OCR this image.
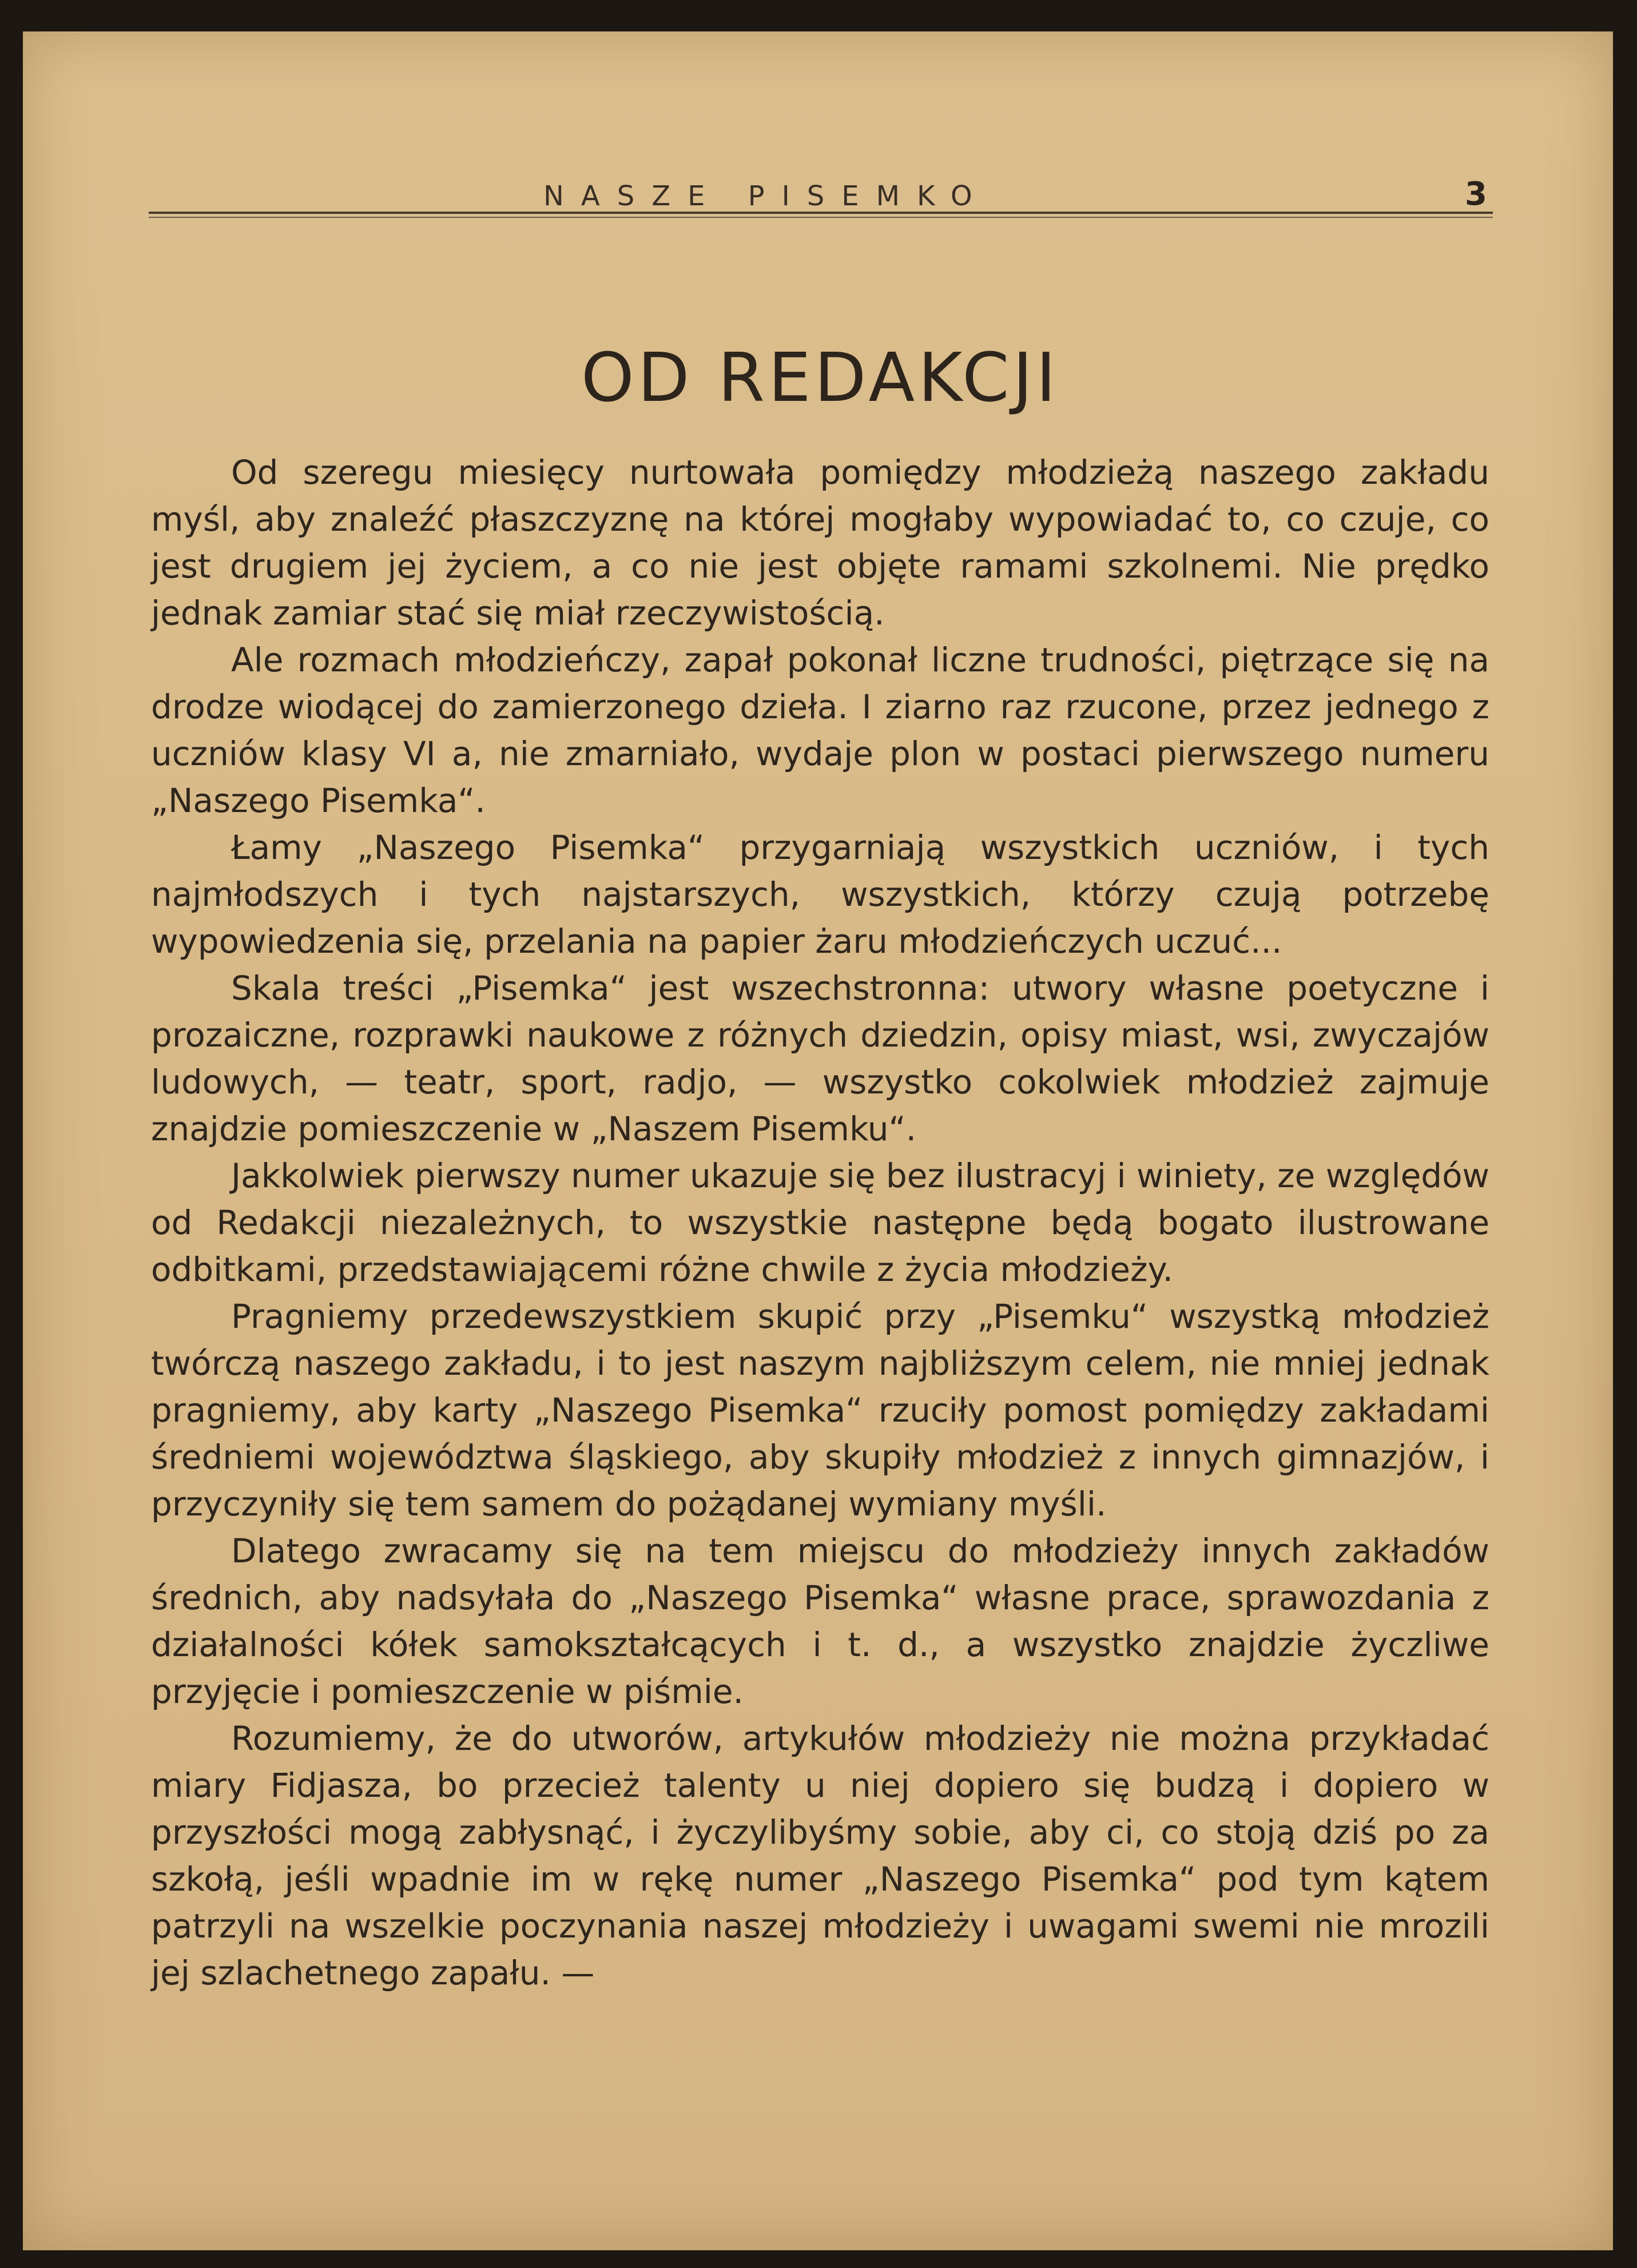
NASZE PISEMKO	3
OD REDAKCJI

Od szeregu miesięcy nurtowała pomiędzy młodzieżą naszego zakładu myśl, aby znaleźć płaszczyznę na której mogłaby wypowiadać to, co czuje, co jest drugiem jej życiem, a co nie jest objęte ramami szkolnemi. Nie prędko jednak zamiar stać się miał rzeczywistością.

Ale rozmach młodzieńczy, zapał pokonał liczne trudności, piętrzące się na drodze wiodącej do zamierzonego dzieła. I ziarno raz rzucone, przez jednego z uczniów klasy VI a, nie zmarniało, wydaje plon w postaci pierwszego numeru „Naszego Pisemka“.

Łamy „Naszego Pisemka“ przygarniają wszystkich uczniów, i tych najmłodszych i tych najstarszych, wszystkich, którzy czują potrzebę wypowiedzenia się, przelania na papier żaru młodzieńczych uczuć...

Skala treści „Pisemka“ jest wszechstronna: utwory własne poetyczne i prozaiczne, rozprawki naukowe z różnych dziedzin, opisy miast, wsi, zwyczajów ludowych, — teatr, sport, radjo, — wszystko cokolwiek młodzież zajmuje znajdzie pomieszczenie w „Naszem Pisemku“.

Jakkolwiek pierwszy numer ukazuje się bez ilustracyj i winiety, ze względów od Redakcji niezależnych, to wszystkie następne będą bogato ilustrowane odbitkami, przedstawiającemi różne chwile z życia młodzieży.

Pragniemy przedewszystkiem skupić przy „Pisemku“ wszystką młodzież twórczą naszego zakładu, i to jest naszym najbliższym celem, nie mniej jednak pragniemy, aby karty „Naszego Pisemka“ rzuciły pomost pomiędzy zakładami średniemi województwa śląskiego, aby skupiły młodzież z innych gimnazjów, i przyczyniły się tem samem do pożądanej wymiany myśli.

Dlatego zwracamy się na tem miejscu do młodzieży innych zakładów średnich, aby nadsyłała do „Naszego Pisemka“ własne prace, sprawozdania z działalności kółek samokształcących i t. d., a wszystko znajdzie życzliwe przyjęcie i pomieszczenie w piśmie.

Rozumiemy, że do utworów, artykułów młodzieży nie można przykładać miary Fidjasza, bo przecież talenty u niej dopiero się budzą i dopiero w przyszłości mogą zabłysnąć, i życzylibyśmy sobie, aby ci, co stoją dziś po za szkołą, jeśli wpadnie im w rękę numer „Naszego Pisemka“ pod tym kątem patrzyli na wszelkie poczynania naszej młodzieży i uwagami swemi nie mrozili jej szlachetnego zapału. —
